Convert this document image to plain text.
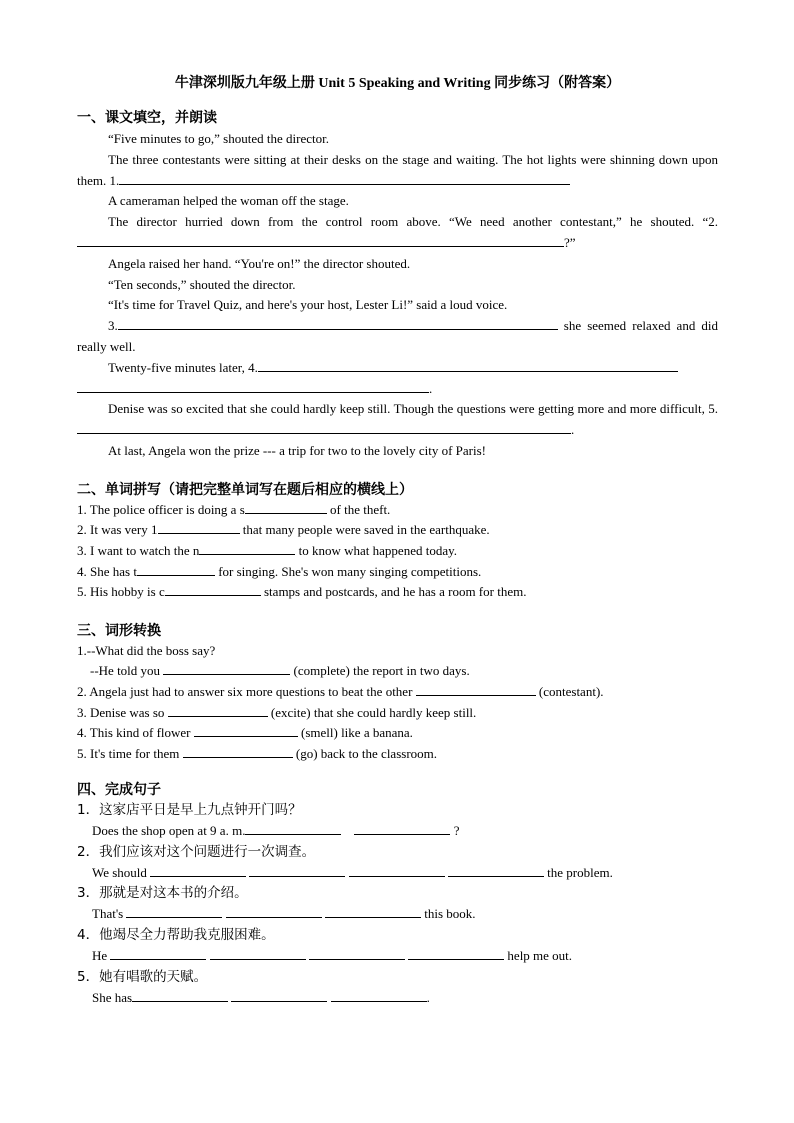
牛津深圳版九年级上册 Unit 5 Speaking and Writing 同步练习（附答案）
一、课文填空，并朗读

“Five minutes to go,” shouted the director.

The three contestants were sitting at their desks on the stage and waiting. The hot lights were shinning down upon them. 1.

A cameraman helped the woman off the stage.

The director hurried down from the control room above. “We need another contestant,” he shouted. “2.?”

Angela raised her hand. “You're on!” the director shouted.

“Ten seconds,” shouted the director.

“It's time for Travel Quiz, and here's your host, Lester Li!” said a loud voice.

3.	she seemed relaxed and did really well.

Twenty-five minutes later, 4.

.

Denise was so excited that she could hardly keep still. Though the questions were getting more and more difficult, 5..

At last, Angela won the prize --- a trip for two to the lovely city of Paris!

二、单词拼写（请把完整单词写在题后相应的横线上）

1. The police officer is doing a s	of the theft.

2. It was very 1	that many people were saved in the earthquake.

3. I want to watch the n	to know what happened today.

4. She has t	for singing. She's won many singing competitions.

5. His hobby is c	stamps and postcards, and he has a room for them.

三、词形转换

1.--What did the boss say?

--He told you	(complete) the report in two days.

2. Angela just had to answer six more questions to beat the other	(contestant).

3. Denise was so	(excite) that she could hardly keep still.

4. This kind of flower	(smell) like a banana.

5. It's time for them	(go) back to the classroom.

四、完成句子

1．这家店平日是早上九点钟开门吗？

Does the shop open at 9 a. m.	?

2．我们应该对这个问题进行一次调查。

We should	the problem.

3．那就是对这本书的介绍。

That's	this book.

4．他竭尽全力帮助我克服困难。

He	help me out.

5．她有唱歌的天赋。

She has	.
